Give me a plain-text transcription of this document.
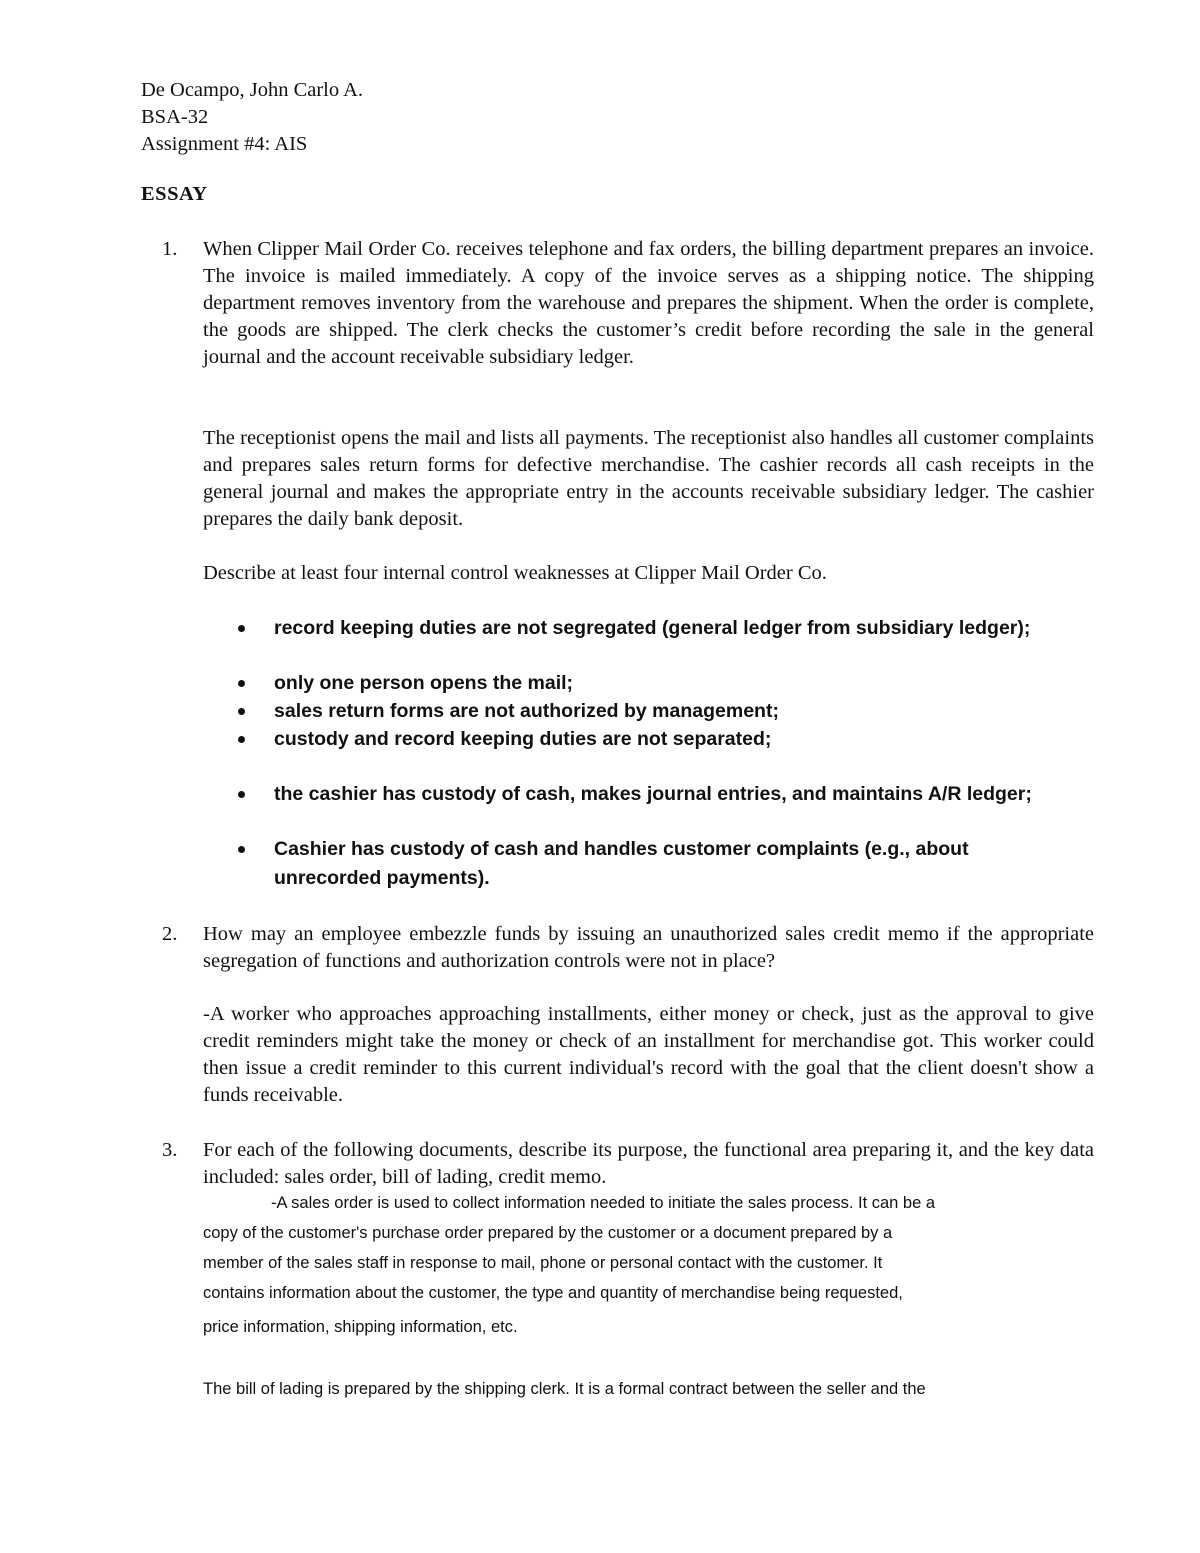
De Ocampo, John Carlo A.
BSA-32
Assignment #4: AIS
ESSAY
1. When Clipper Mail Order Co. receives telephone and fax orders, the billing department prepares an invoice. The invoice is mailed immediately. A copy of the invoice serves as a shipping notice. The shipping department removes inventory from the warehouse and prepares the shipment. When the order is complete, the goods are shipped. The clerk checks the customer’s credit before recording the sale in the general journal and the account receivable subsidiary ledger.
The receptionist opens the mail and lists all payments. The receptionist also handles all customer complaints and prepares sales return forms for defective merchandise. The cashier records all cash receipts in the general journal and makes the appropriate entry in the accounts receivable subsidiary ledger. The cashier prepares the daily bank deposit.
Describe at least four internal control weaknesses at Clipper Mail Order Co.
record keeping duties are not segregated (general ledger from subsidiary ledger);
only one person opens the mail;
sales return forms are not authorized by management;
custody and record keeping duties are not separated;
the cashier has custody of cash, makes journal entries, and maintains A/R ledger;
Cashier has custody of cash and handles customer complaints (e.g., about unrecorded payments).
2. How may an employee embezzle funds by issuing an unauthorized sales credit memo if the appropriate segregation of functions and authorization controls were not in place?
-A worker who approaches approaching installments, either money or check, just as the approval to give credit reminders might take the money or check of an installment for merchandise got. This worker could then issue a credit reminder to this current individual's record with the goal that the client doesn't show a funds receivable.
3. For each of the following documents, describe its purpose, the functional area preparing it, and the key data included: sales order, bill of lading, credit memo.
-A sales order is used to collect information needed to initiate the sales process. It can be a
copy of the customer's purchase order prepared by the customer or a document prepared by a
member of the sales staff in response to mail, phone or personal contact with the customer. It
contains information about the customer, the type and quantity of merchandise being requested,
price information, shipping information, etc.
The bill of lading is prepared by the shipping clerk. It is a formal contract between the seller and the
